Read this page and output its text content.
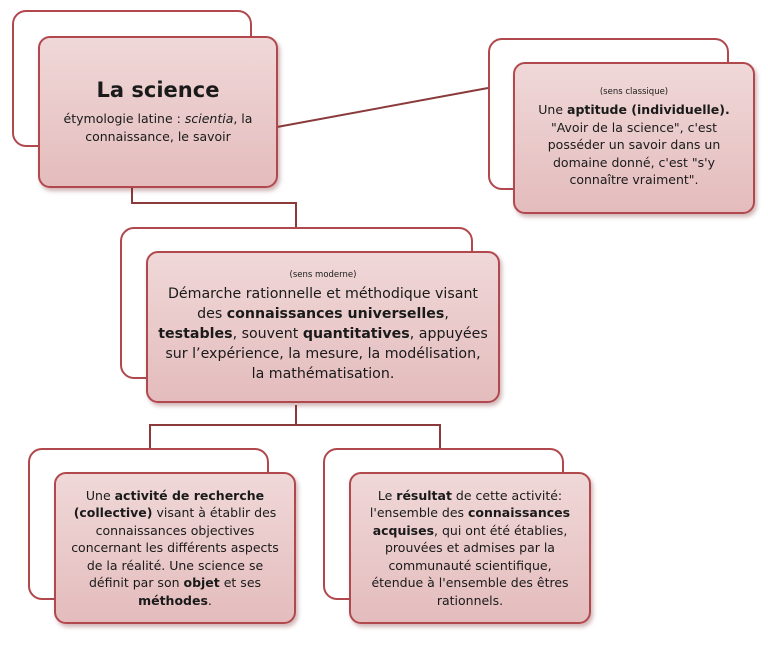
La science
étymologie latine : scientia, la
connaissance, le savoir
(sens classique)
Une aptitude (individuelle). "Avoir de la science", c'est posséder un savoir dans un domaine donné, c'est "s'y connaître vraiment".
(sens moderne)
Démarche rationnelle et méthodique visant des connaissances universelles, testables, souvent quantitatives, appuyées sur l’expérience, la mesure, la modélisation, la mathématisation.
Une activité de recherche (collective) visant à établir des connaissances objectives concernant les différents aspects de la réalité. Une science se définit par son objet et ses méthodes.
Le résultat de cette activité: l'ensemble des connaissances acquises, qui ont été établies, prouvées et admises par la communauté scientifique, étendue à l'ensemble des êtres rationnels.
